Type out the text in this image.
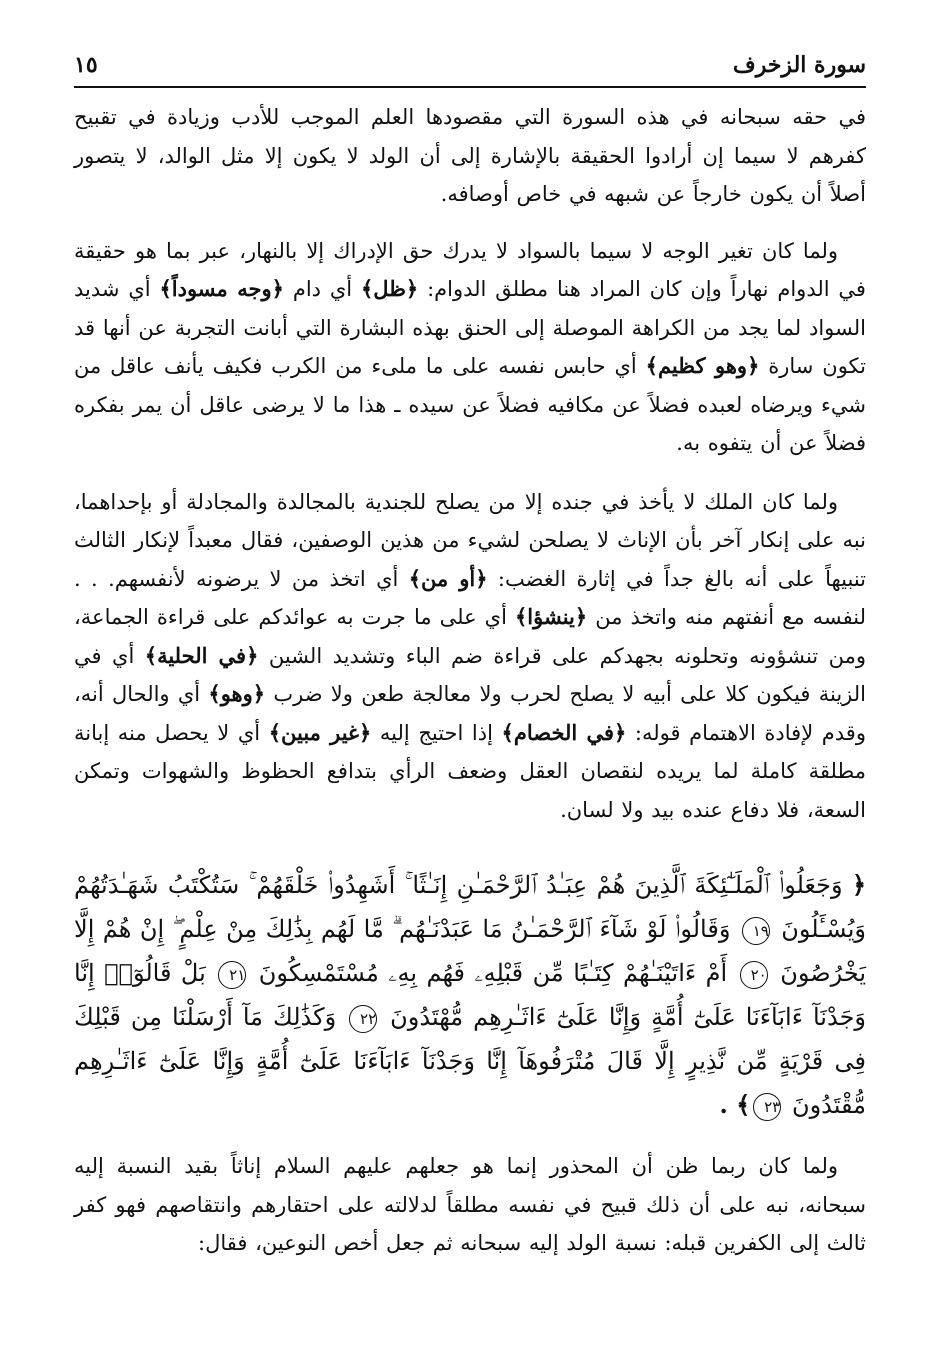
سورة الزخرف
١٥

في حقه سبحانه في هذه السورة التي مقصودها العلم الموجب للأدب وزيادة في تقبيح كفرهم لا سيما إن أرادوا الحقيقة بالإشارة إلى أن الولد لا يكون إلا مثل الوالد، لا يتصور أصلاً أن يكون خارجاً عن شبهه في خاص أوصافه.

ولما كان تغير الوجه لا سيما بالسواد لا يدرك حق الإدراك إلا بالنهار، عبر بما هو حقيقة في الدوام نهاراً وإن كان المراد هنا مطلق الدوام: ﴿ظل﴾ أي دام ﴿وجه مسوداً﴾ أي شديد السواد لما يجد من الكراهة الموصلة إلى الحنق بهذه البشارة التي أبانت التجربة عن أنها قد تكون سارة ﴿وهو كظيم﴾ أي حابس نفسه على ما ملىء من الكرب فكيف يأنف عاقل من شيء ويرضاه لعبده فضلاً عن مكافيه فضلاً عن سيده ـ هذا ما لا يرضى عاقل أن يمر بفكره فضلاً عن أن يتفوه به.

ولما كان الملك لا يأخذ في جنده إلا من يصلح للجندية بالمجالدة والمجادلة أو بإحداهما، نبه على إنكار آخر بأن الإناث لا يصلحن لشيء من هذين الوصفين، فقال معبداً لإنكار الثالث تنبيهاً على أنه بالغ جداً في إثارة الغضب: ﴿أو من﴾ أي اتخذ من لا يرضونه لأنفسهم. . . لنفسه مع أنفتهم منه واتخذ من ﴿ينشؤا﴾ أي على ما جرت به عوائدكم على قراءة الجماعة، ومن تنشؤونه وتحلونه بجهدكم على قراءة ضم الباء وتشديد الشين ﴿في الحلية﴾ أي في الزينة فيكون كلا على أبيه لا يصلح لحرب ولا معالجة طعن ولا ضرب ﴿وهو﴾ أي والحال أنه، وقدم لإفادة الاهتمام قوله: ﴿في الخصام﴾ إذا احتيج إليه ﴿غير مبين﴾ أي لا يحصل منه إبانة مطلقة كاملة لما يريده لنقصان العقل وضعف الرأي بتدافع الحظوظ والشهوات وتمكن السعة، فلا دفاع عنده بيد ولا لسان.

﴿ وَجَعَلُوا۟ ٱلْمَلَـٰٓئِكَةَ ٱلَّذِينَ هُمْ عِبَـٰدُ ٱلرَّحْمَـٰنِ إِنَـٰثًا ۚ أَشَهِدُوا۟ خَلْقَهُمْ ۚ سَتُكْتَبُ شَهَـٰدَتُهُمْ وَيُسْـَٔلُونَ ١٩ وَقَالُوا۟ لَوْ شَآءَ ٱلرَّحْمَـٰنُ مَا عَبَدْنَـٰهُم ۗ مَّا لَهُم بِذَٰلِكَ مِنْ عِلْمٍ ۖ إِنْ هُمْ إِلَّا يَخْرُصُونَ ٢٠ أَمْ ءَاتَيْنَـٰهُمْ كِتَـٰبًا مِّن قَبْلِهِۦ فَهُم بِهِۦ مُسْتَمْسِكُونَ ٢١ بَلْ قَالُوٓا۟ إِنَّا وَجَدْنَآ ءَابَآءَنَا عَلَىٰٓ أُمَّةٍ وَإِنَّا عَلَىٰٓ ءَاثَـٰرِهِم مُّهْتَدُونَ ٢٢ وَكَذَٰلِكَ مَآ أَرْسَلْنَا مِن قَبْلِكَ فِى قَرْيَةٍ مِّن نَّذِيرٍ إِلَّا قَالَ مُتْرَفُوهَآ إِنَّا وَجَدْنَآ ءَابَآءَنَا عَلَىٰٓ أُمَّةٍ وَإِنَّا عَلَىٰٓ ءَاثَـٰرِهِم مُّقْتَدُونَ ٢٣﴾ .

ولما كان ربما ظن أن المحذور إنما هو جعلهم عليهم السلام إناثاً بقيد النسبة إليه سبحانه، نبه على أن ذلك قبيح في نفسه مطلقاً لدلالته على احتقارهم وانتقاصهم فهو كفر ثالث إلى الكفرين قبله: نسبة الولد إليه سبحانه ثم جعل أخص النوعين، فقال:
